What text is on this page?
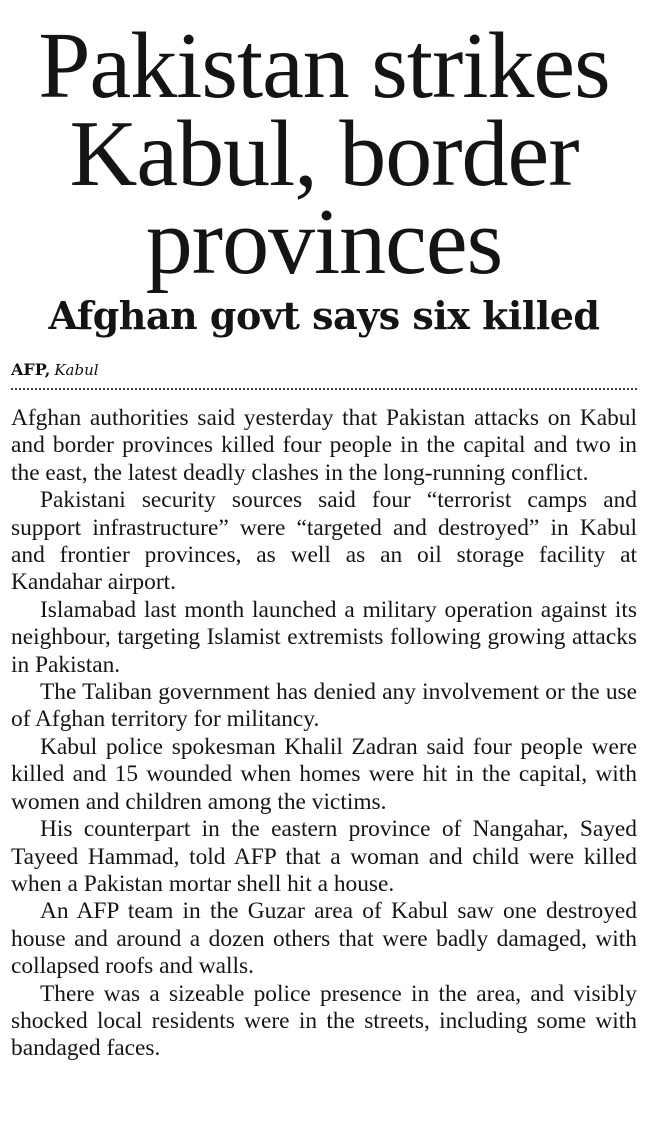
Pakistan strikes Kabul, border provinces
Afghan govt says six killed
AFP, Kabul

Afghan authorities said yesterday that Pakistan attacks on Kabul and border provinces killed four people in the capital and two in the east, the latest deadly clashes in the long-running conflict.

Pakistani security sources said four “terrorist camps and support infrastructure” were “targeted and destroyed” in Kabul and frontier provinces, as well as an oil storage facility at Kandahar airport.

Islamabad last month launched a military operation against its neighbour, targeting Islamist extremists following growing attacks in Pakistan.

The Taliban government has denied any involvement or the use of Afghan territory for militancy.

Kabul police spokesman Khalil Zadran said four people were killed and 15 wounded when homes were hit in the capital, with women and children among the victims.

His counterpart in the eastern province of Nangahar, Sayed Tayeed Hammad, told AFP that a woman and child were killed when a Pakistan mortar shell hit a house.

An AFP team in the Guzar area of Kabul saw one destroyed house and around a dozen others that were badly damaged, with collapsed roofs and walls.

There was a sizeable police presence in the area, and visibly shocked local residents were in the streets, including some with bandaged faces.
